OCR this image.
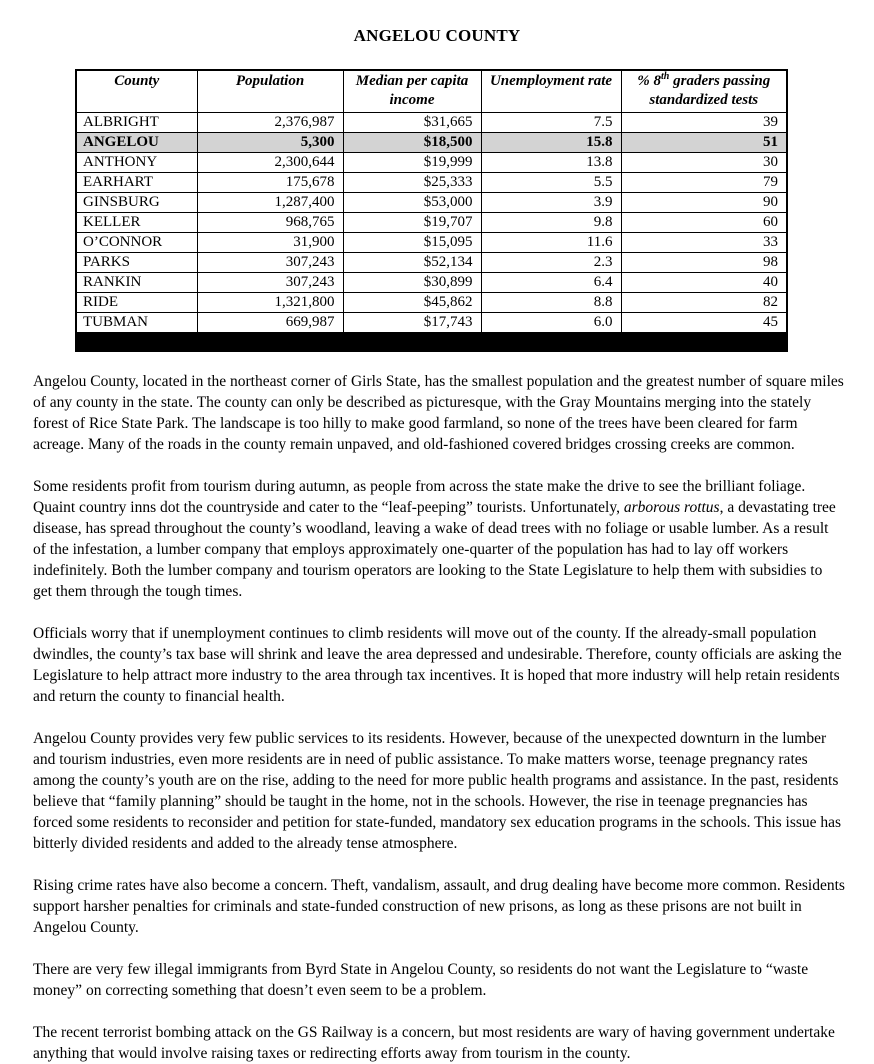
ANGELOU COUNTY
County	Population	Median per capita income	Unemployment rate	% 8th graders passing standardized tests
ALBRIGHT	2,376,987	$31,665	7.5	39
ANGELOU	5,300	$18,500	15.8	51
ANTHONY	2,300,644	$19,999	13.8	30
EARHART	175,678	$25,333	5.5	79
GINSBURG	1,287,400	$53,000	3.9	90
KELLER	968,765	$19,707	9.8	60
O’CONNOR	31,900	$15,095	11.6	33
PARKS	307,243	$52,134	2.3	98
RANKIN	307,243	$30,899	6.4	40
RIDE	1,321,800	$45,862	8.8	82
TUBMAN	669,987	$17,743	6.0	45

Angelou County, located in the northeast corner of Girls State, has the smallest population and the greatest number of square miles of any county in the state. The county can only be described as picturesque, with the Gray Mountains merging into the stately forest of Rice State Park. The landscape is too hilly to make good farmland, so none of the trees have been cleared for farm acreage. Many of the roads in the county remain unpaved, and old-fashioned covered bridges crossing creeks are common.

Some residents profit from tourism during autumn, as people from across the state make the drive to see the brilliant foliage. Quaint country inns dot the countryside and cater to the “leaf-peeping” tourists. Unfortunately, arborous rottus, a devastating tree disease, has spread throughout the county’s woodland, leaving a wake of dead trees with no foliage or usable lumber. As a result of the infestation, a lumber company that employs approximately one-quarter of the population has had to lay off workers indefinitely. Both the lumber company and tourism operators are looking to the State Legislature to help them with subsidies to get them through the tough times.

Officials worry that if unemployment continues to climb residents will move out of the county. If the already-small population dwindles, the county’s tax base will shrink and leave the area depressed and undesirable. Therefore, county officials are asking the Legislature to help attract more industry to the area through tax incentives. It is hoped that more industry will help retain residents and return the county to financial health.

Angelou County provides very few public services to its residents. However, because of the unexpected downturn in the lumber and tourism industries, even more residents are in need of public assistance. To make matters worse, teenage pregnancy rates among the county’s youth are on the rise, adding to the need for more public health programs and assistance. In the past, residents believe that “family planning” should be taught in the home, not in the schools. However, the rise in teenage pregnancies has forced some residents to reconsider and petition for state-funded, mandatory sex education programs in the schools. This issue has bitterly divided residents and added to the already tense atmosphere.

Rising crime rates have also become a concern. Theft, vandalism, assault, and drug dealing have become more common. Residents support harsher penalties for criminals and state-funded construction of new prisons, as long as these prisons are not built in Angelou County.

There are very few illegal immigrants from Byrd State in Angelou County, so residents do not want the Legislature to “waste money” on correcting something that doesn’t even seem to be a problem.

The recent terrorist bombing attack on the GS Railway is a concern, but most residents are wary of having government undertake anything that would involve raising taxes or redirecting efforts away from tourism in the county.
